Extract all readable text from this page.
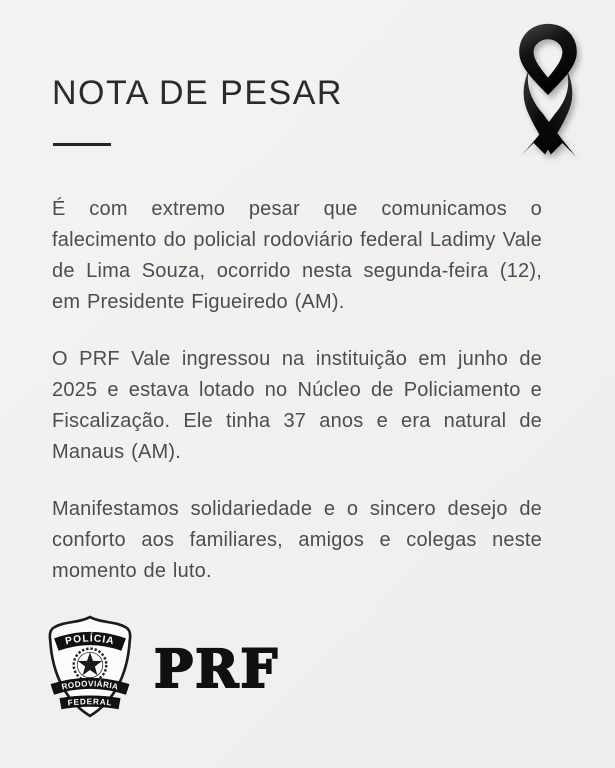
NOTA DE PESAR

É com extremo pesar que comunicamos o falecimento do policial rodoviário federal Ladimy Vale de Lima Souza, ocorrido nesta segunda-feira (12), em Presidente Figueiredo (AM).

O PRF Vale ingressou na instituição em junho de 2025 e estava lotado no Núcleo de Policiamento e Fiscalização. Ele tinha 37 anos e era natural de Manaus (AM).

Manifestamos solidariedade e o sincero desejo de conforto aos familiares, amigos e colegas neste momento de luto.

POLÍCIA
RODOVIÁRIA
FEDERAL
PRF
